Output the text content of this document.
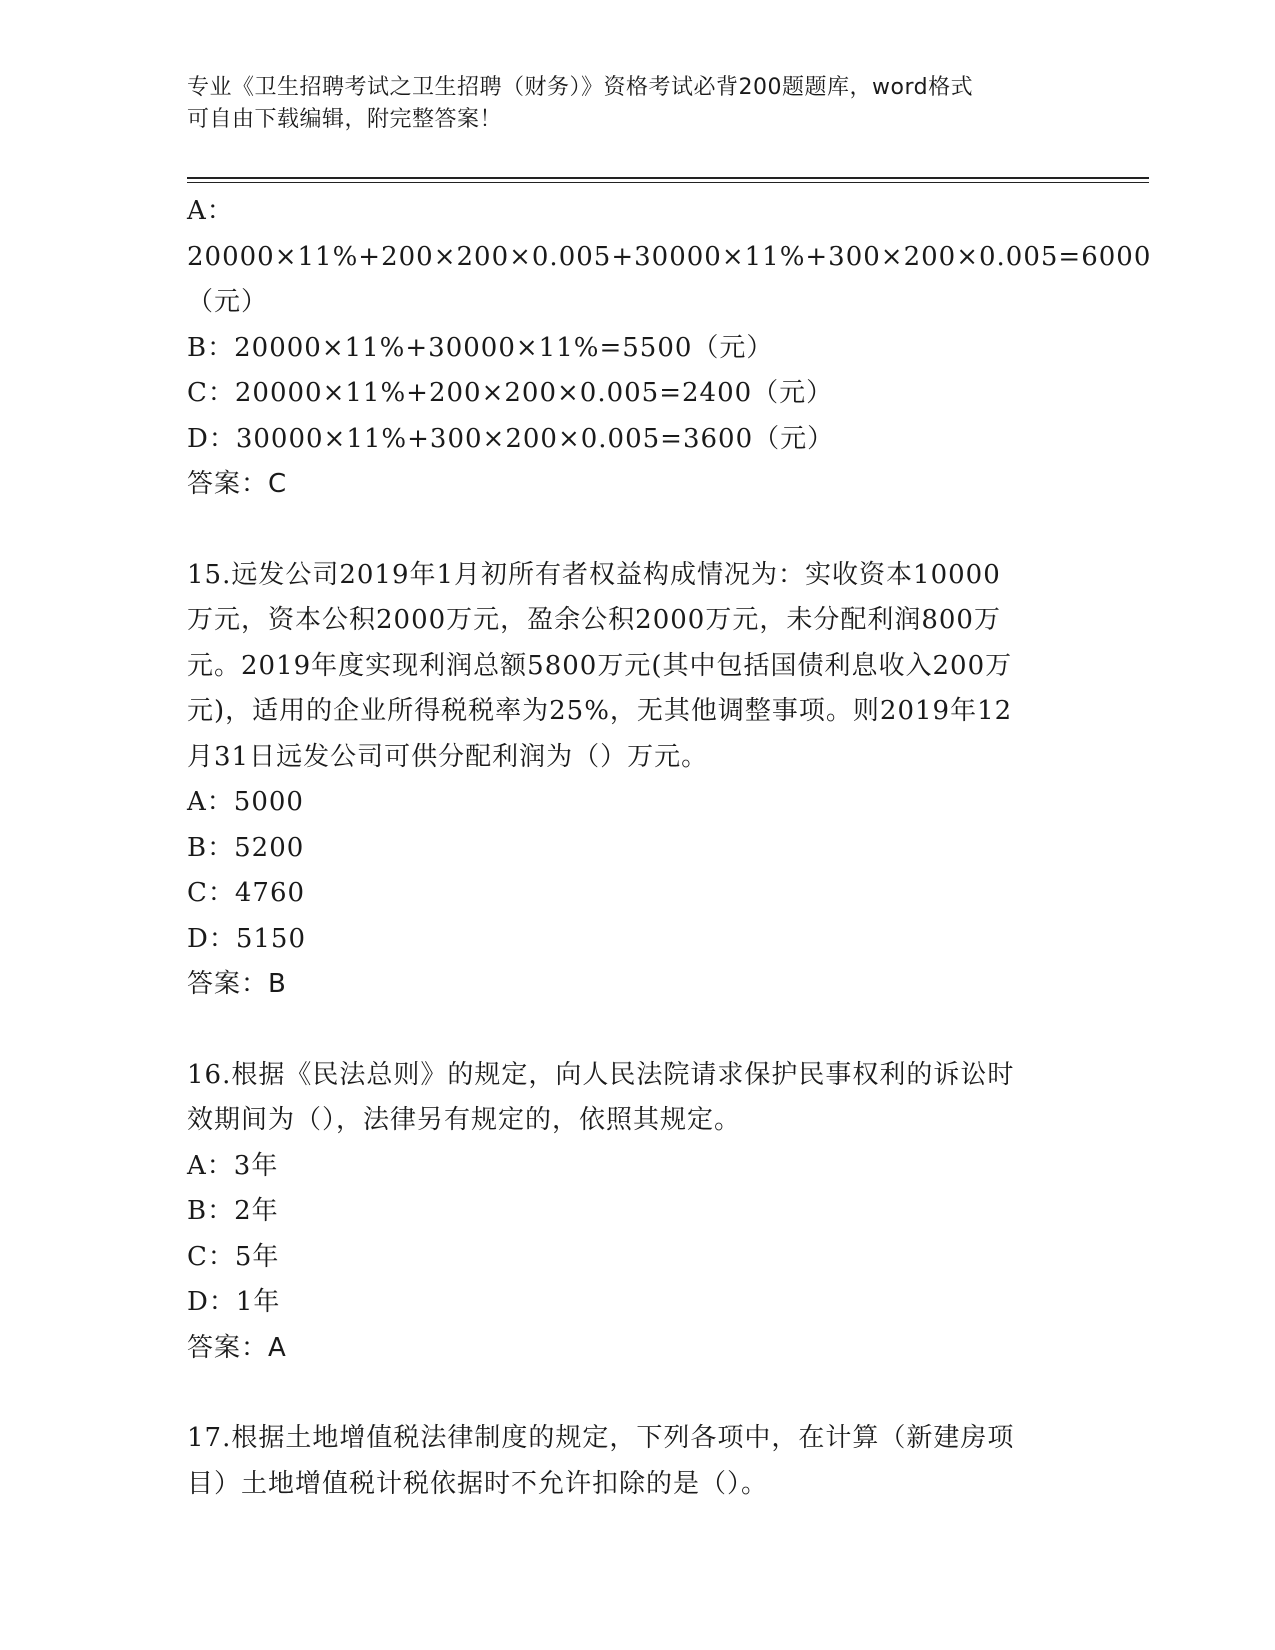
专业《卫生招聘考试之卫生招聘（财务）》资格考试必背200题题库，word格式
可自由下载编辑，附完整答案！
A：20000×11%+200×200×0.005+30000×11%+300×200×0.005=6000
（元）
B：20000×11%+30000×11%=5500（元）
C：20000×11%+200×200×0.005=2400（元）
D：30000×11%+300×200×0.005=3600（元）
答案：C
15.远发公司2019年1月初所有者权益构成情况为：实收资本10000
万元，资本公积2000万元，盈余公积2000万元，未分配利润800万
元。2019年度实现利润总额5800万元(其中包括国债利息收入200万
元)，适用的企业所得税税率为25%，无其他调整事项。则2019年12
月31日远发公司可供分配利润为（）万元。
A：5000
B：5200
C：4760
D：5150
答案：B
16.根据《民法总则》的规定，向人民法院请求保护民事权利的诉讼时
效期间为（），法律另有规定的，依照其规定。
A：3年
B：2年
C：5年
D：1年
答案：A
17.根据土地增值税法律制度的规定，下列各项中，在计算（新建房项
目）土地增值税计税依据时不允许扣除的是（）。
